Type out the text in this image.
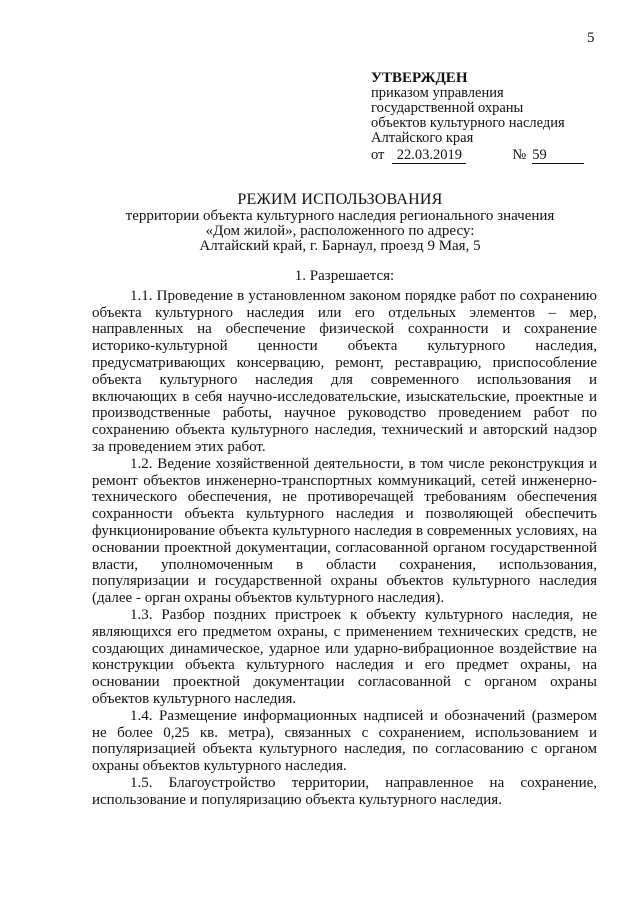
5
УТВЕРЖДЕН
приказом управления
государственной охраны
объектов культурного наследия
Алтайского края
от 22.03.2019	№ 59
РЕЖИМ ИСПОЛЬЗОВАНИЯ
территории объекта культурного наследия регионального значения
«Дом жилой», расположенного по адресу:
Алтайский край, г. Барнаул, проезд 9 Мая, 5
1. Разрешается:

1.1. Проведение в установленном законом порядке работ по сохранению объекта культурного наследия или его отдельных элементов – мер, направленных на обеспечение физической сохранности и сохранение историко-культурной ценности объекта культурного наследия, предусматривающих консервацию, ремонт, реставрацию, приспособление объекта культурного наследия для современного использования и включающих в себя научно-исследовательские, изыскательские, проектные и производственные работы, научное руководство проведением работ по сохранению объекта культурного наследия, технический и авторский надзор за проведением этих работ.

1.2. Ведение хозяйственной деятельности, в том числе реконструкция и ремонт объектов инженерно-транспортных коммуникаций, сетей инженерно-технического обеспечения, не противоречащей требованиям обеспечения сохранности объекта культурного наследия и позволяющей обеспечить функционирование объекта культурного наследия в современных условиях, на основании проектной документации, согласованной органом государственной власти, уполномоченным в области сохранения, использования, популяризации и государственной охраны объектов культурного наследия (далее - орган охраны объектов культурного наследия).

1.3. Разбор поздних пристроек к объекту культурного наследия, не являющихся его предметом охраны, с применением технических средств, не создающих динамическое, ударное или ударно-вибрационное воздействие на конструкции объекта культурного наследия и его предмет охраны, на основании проектной документации согласованной с органом охраны объектов культурного наследия.

1.4. Размещение информационных надписей и обозначений (размером не более 0,25 кв. метра), связанных с сохранением, использованием и популяризацией объекта культурного наследия, по согласованию с органом охраны объектов культурного наследия.

1.5. Благоустройство территории, направленное на сохранение, использование и популяризацию объекта культурного наследия.
